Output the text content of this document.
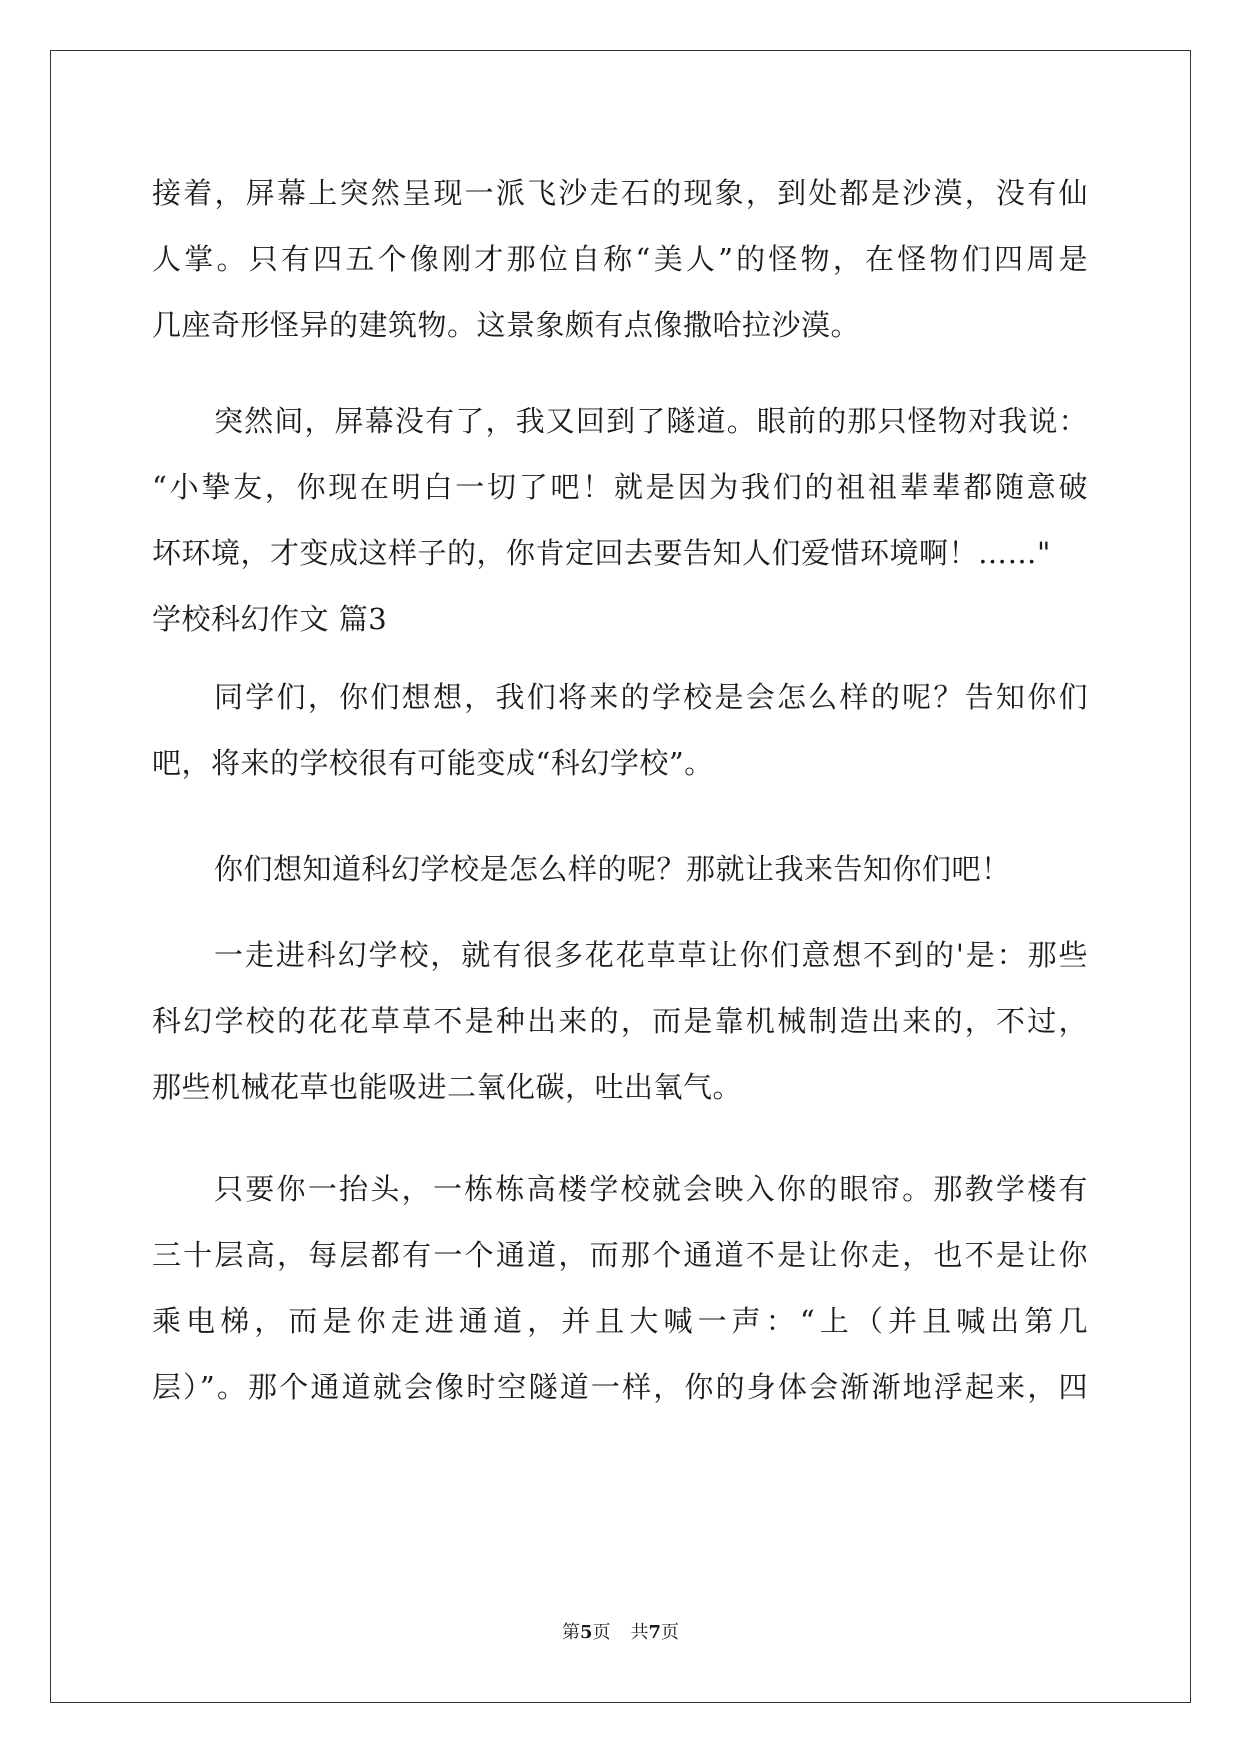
接着，屏幕上突然呈现一派飞沙走石的现象，到处都是沙漠，没有仙
人掌。只有四五个像刚才那位自称“美人”的怪物，在怪物们四周是
几座奇形怪异的建筑物。这景象颇有点像撒哈拉沙漠。
突然间，屏幕没有了，我又回到了隧道。眼前的那只怪物对我说：
“小挚友，你现在明白一切了吧！就是因为我们的祖祖辈辈都随意破
坏环境，才变成这样子的，你肯定回去要告知人们爱惜环境啊！……"
学校科幻作文 篇3
同学们，你们想想，我们将来的学校是会怎么样的呢？告知你们
吧，将来的学校很有可能变成“科幻学校”。
你们想知道科幻学校是怎么样的呢？那就让我来告知你们吧！
一走进科幻学校，就有很多花花草草让你们意想不到的'是：那些
科幻学校的花花草草不是种出来的，而是靠机械制造出来的，不过，
那些机械花草也能吸进二氧化碳，吐出氧气。
只要你一抬头，一栋栋高楼学校就会映入你的眼帘。那教学楼有
三十层高，每层都有一个通道，而那个通道不是让你走，也不是让你
乘电梯，而是你走进通道，并且大喊一声：“上（并且喊出第几
层）”。那个通道就会像时空隧道一样，你的身体会渐渐地浮起来，四
第5页 共7页
